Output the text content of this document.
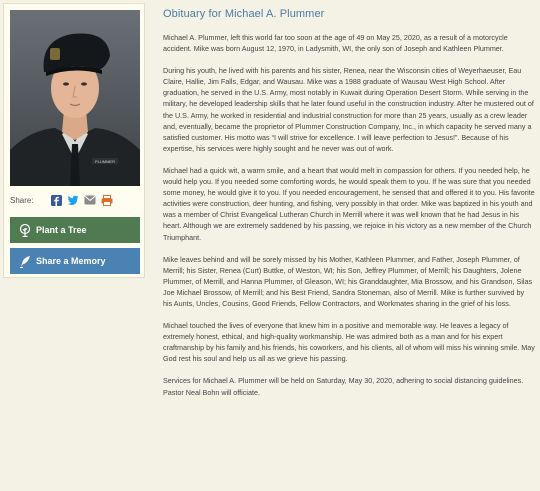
PLUMMER
Share:
Plant a Tree
Share a Memory
Obituary for Michael A. Plummer

Michael A. Plummer, left this world far too soon at the age of 49 on May 25, 2020, as a result of a motorcycle accident. Mike was born August 12, 1970, in Ladysmith, WI, the only son of Joseph and Kathleen Plummer.

During his youth, he lived with his parents and his sister, Renea, near the Wisconsin cities of Weyerhaeuser, Eau Claire, Hallie, Jim Falls, Edgar, and Wausau. Mike was a 1988 graduate of Wausau West High School. After graduation, he served in the U.S. Army, most notably in Kuwait during Operation Desert Storm. While serving in the military, he developed leadership skills that he later found useful in the construction industry. After he mustered out of the U.S. Army, he worked in residential and industrial construction for more than 25 years, usually as a crew leader and, eventually, became the proprietor of Plummer Construction Company, Inc., in which capacity he served many a satisfied customer. His motto was “I will strive for excellence. I will leave perfection to Jesus!”. Because of his expertise, his services were highly sought and he never was out of work.

Michael had a quick wit, a warm smile, and a heart that would melt in compassion for others. If you needed help, he would help you. If you needed some comforting words, he would speak them to you. If he was sure that you needed some money, he would give it to you. If you needed encouragement, he sensed that and offered it to you. His favorite activities were construction, deer hunting, and fishing, very possibly in that order. Mike was baptized in his youth and was a member of Christ Evangelical Lutheran Church in Merrill where it was well known that he had Jesus in his heart. Although we are extremely saddened by his passing, we rejoice in his victory as a new member of the Church Triumphant.

Mike leaves behind and will be sorely missed by his Mother, Kathleen Plummer, and Father, Joseph Plummer, of Merrill; his Sister, Renea (Curt) Buttke, of Weston, WI; his Son, Jeffrey Plummer, of Merrill; his Daughters, Jolene Plummer, of Merrill, and Hanna Plummer, of Gleason, WI; his Granddaughter, Mia Brossow, and his Grandson, Silas Joe Michael Brossow, of Merrill; and his Best Friend, Sandra Stoneman, also of Merrill. Mike is further survived by his Aunts, Uncles, Cousins, Good Friends, Fellow Contractors, and Workmates sharing in the grief of his loss.

Michael touched the lives of everyone that knew him in a positive and memorable way. He leaves a legacy of extremely honest, ethical, and high-quality workmanship. He was admired both as a man and for his expert craftmanship by his family and his friends, his coworkers, and his clients, all of whom will miss his winning smile. May God rest his soul and help us all as we grieve his passing.

Services for Michael A. Plummer will be held on Saturday, May 30, 2020, adhering to social distancing guidelines. Pastor Neal Bohn will officiate.
